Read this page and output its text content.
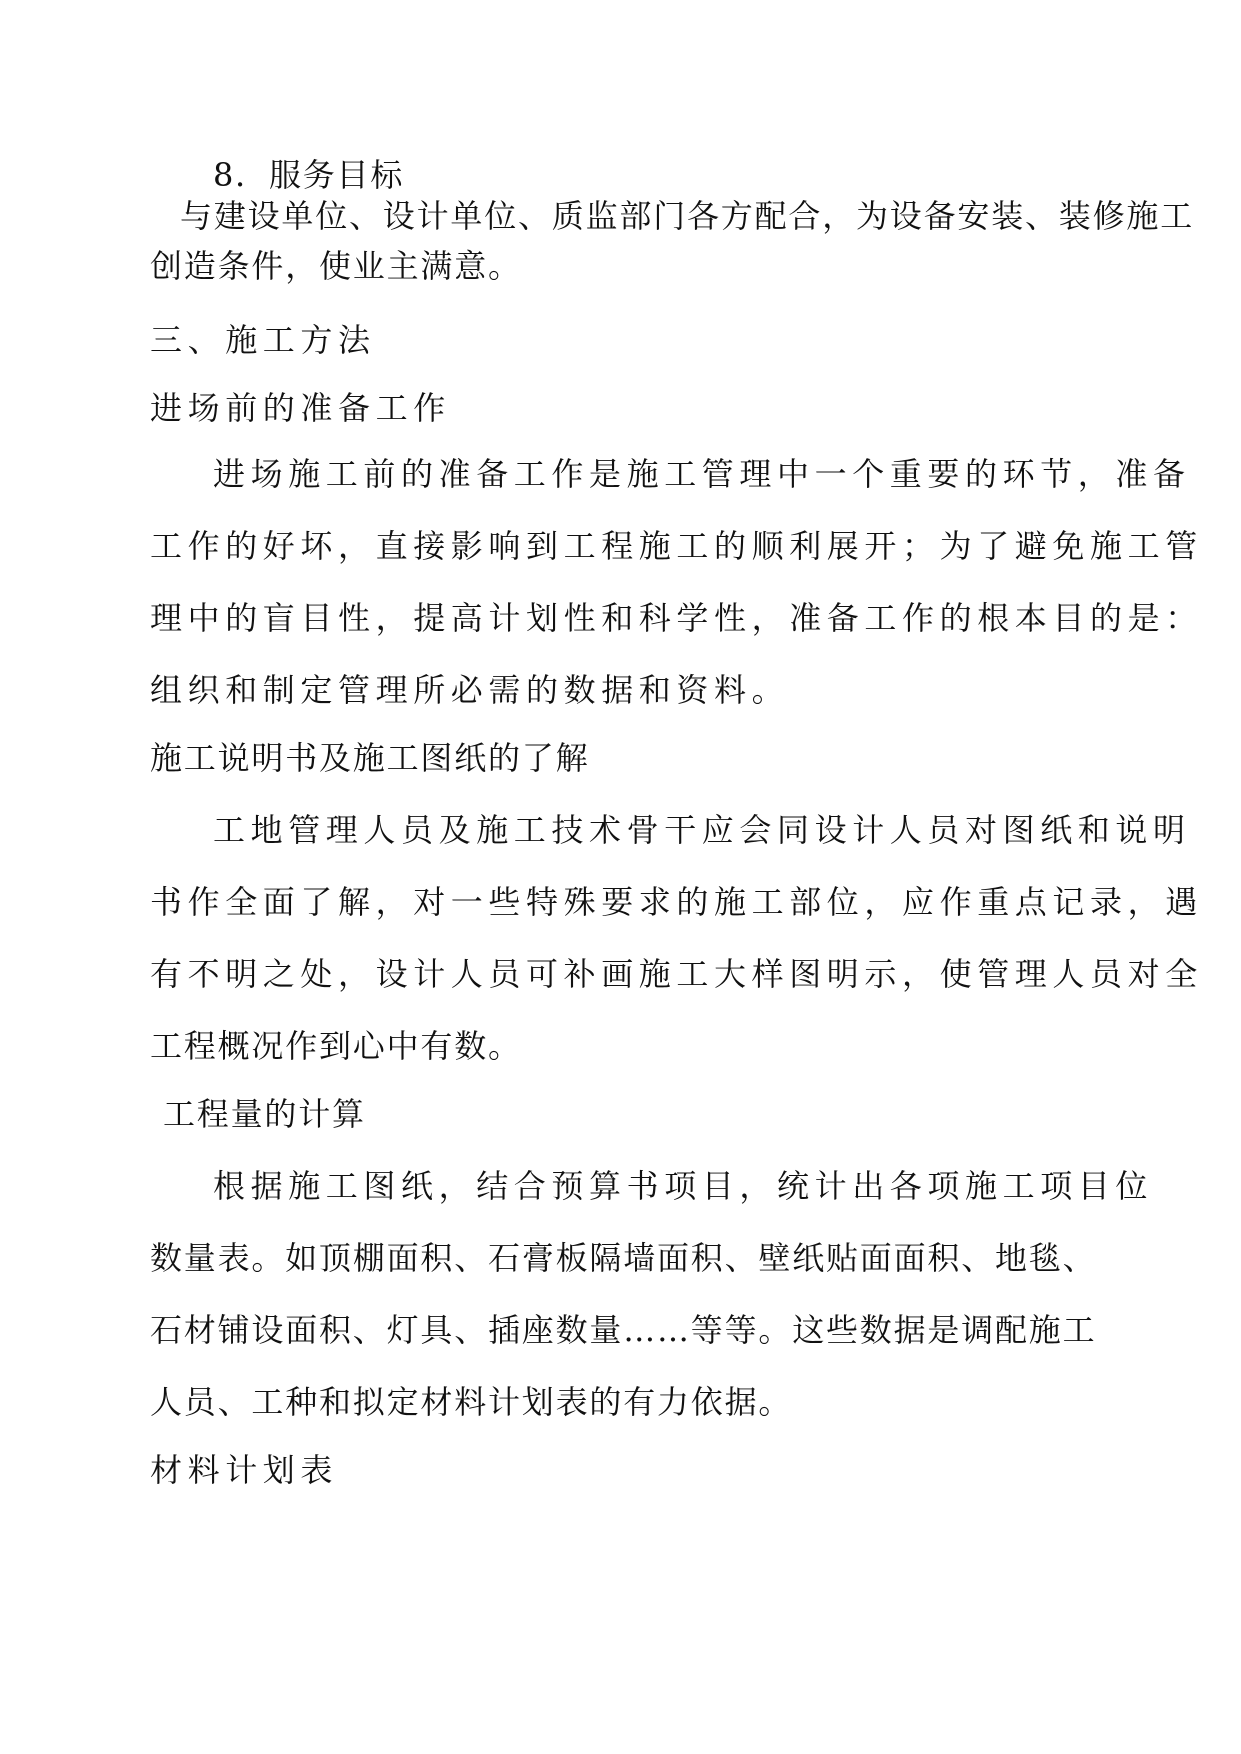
8．服务目标
与建设单位、设计单位、质监部门各方配合，为设备安装、装修施工
创造条件，使业主满意。
三、施工方法
进场前的准备工作
进场施工前的准备工作是施工管理中一个重要的环节，准备
工作的好坏，直接影响到工程施工的顺利展开；为了避免施工管
理中的盲目性，提高计划性和科学性，准备工作的根本目的是：
组织和制定管理所必需的数据和资料。
施工说明书及施工图纸的了解
工地管理人员及施工技术骨干应会同设计人员对图纸和说明
书作全面了解，对一些特殊要求的施工部位，应作重点记录，遇
有不明之处，设计人员可补画施工大样图明示，使管理人员对全
工程概况作到心中有数。
工程量的计算
根据施工图纸，结合预算书项目，统计出各项施工项目位
数量表。如顶棚面积、石膏板隔墙面积、壁纸贴面面积、地毯、
石材铺设面积、灯具、插座数量……等等。这些数据是调配施工
人员、工种和拟定材料计划表的有力依据。
材料计划表
